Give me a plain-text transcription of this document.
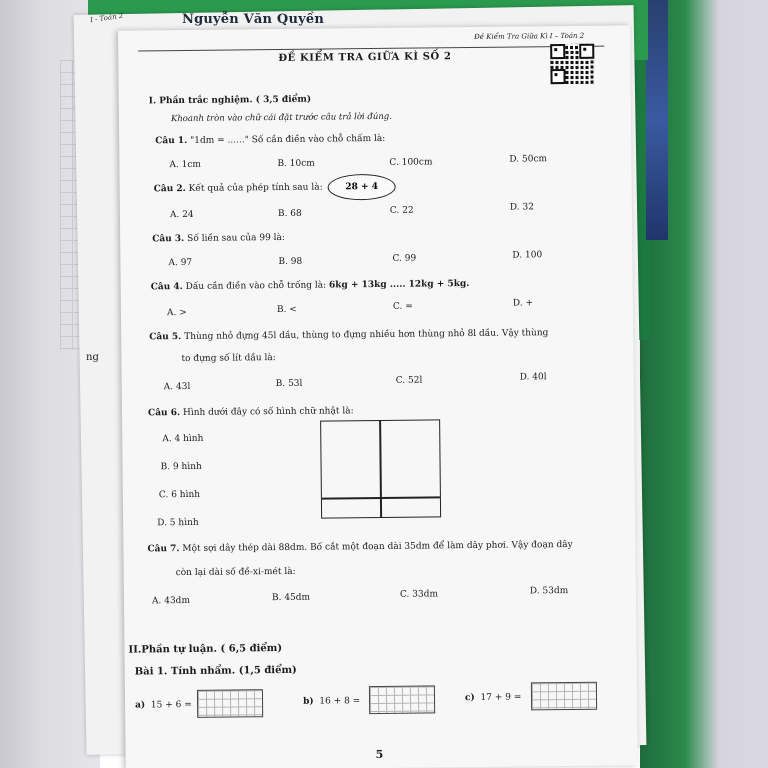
I - Toán 2	Nguyễn Văn Quyền
ng
Đề Kiểm Tra Giữa Kì I – Toán 2
ĐỀ KIỂM TRA GIỮA KÌ SỐ 2
I. Phần trắc nghiệm. ( 3,5 điểm)
Khoanh tròn vào chữ cái đặt trước câu trả lời đúng.
Câu 1. "1dm = ......" Số cần điền vào chỗ chấm là:
A. 1cm	B. 10cm	C. 100cm	D. 50cm
Câu 2. Kết quả của phép tính sau là:	28 + 4
A. 24	B. 68	C. 22	D. 32
Câu 3. Số liền sau của 99 là:
A. 97	B. 98	C. 99	D. 100
Câu 4. Dấu cần điền vào chỗ trống là: 6kg + 13kg ..... 12kg + 5kg.
A. >	B. <	C. =	D. +
Câu 5. Thùng nhỏ đựng 45l dầu, thùng to đựng nhiều hơn thùng nhỏ 8l dầu. Vậy thùng
to đựng số lít dầu là:
A. 43l	B. 53l	C. 52l	D. 40l
Câu 6. Hình dưới đây có số hình chữ nhật là:
A. 4 hình
B. 9 hình
C. 6 hình
D. 5 hình
Câu 7. Một sợi dây thép dài 88dm. Bố cắt một đoạn dài 35dm để làm dây phơi. Vậy đoạn dây
còn lại dài số đề-xi-mét là:
A. 43dm	B. 45dm	C. 33dm	D. 53dm
II.Phần tự luận. ( 6,5 điểm)
Bài 1. Tính nhẩm. (1,5 điểm)
a) 15 + 6 =	b) 16 + 8 =	c) 17 + 9 =
5
